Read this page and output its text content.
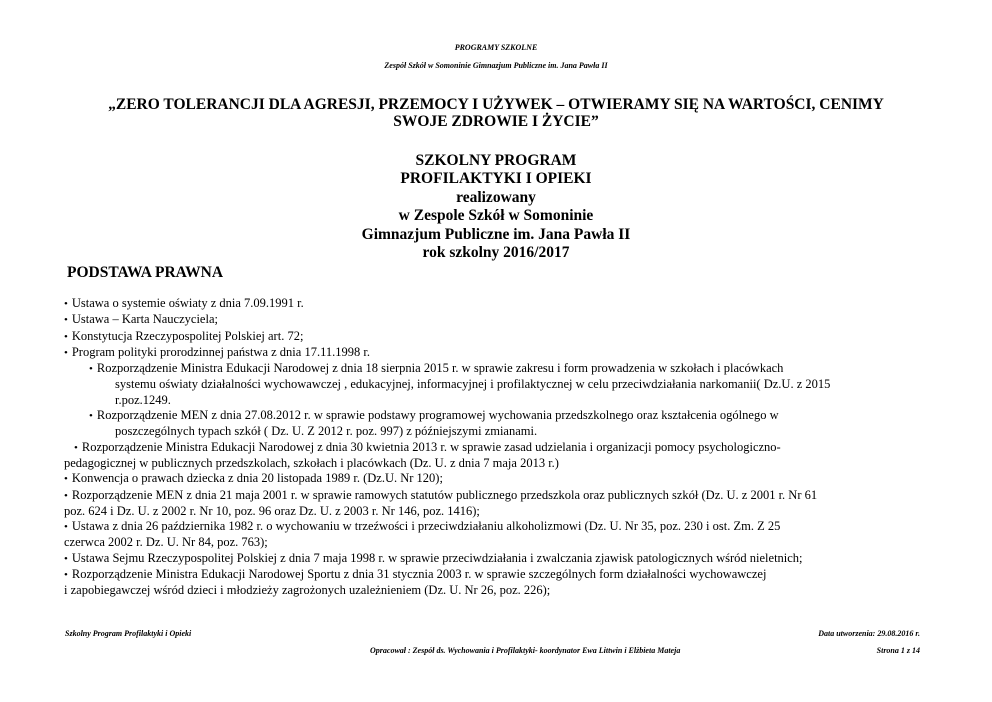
PROGRAMY SZKOLNE
Zespół Szkół w Somoninie Gimnazjum Publiczne im. Jana Pawła II
„ZERO TOLERANCJI DLA AGRESJI, PRZEMOCY I UŻYWEK – OTWIERAMY SIĘ NA WARTOŚCI, CENIMY
SWOJE ZDROWIE I ŻYCIE”
SZKOLNY PROGRAM
PROFILAKTYKI I OPIEKI
realizowany
w Zespole Szkół w Somoninie
Gimnazjum Publiczne im. Jana Pawła II
rok szkolny 2016/2017
PODSTAWA PRAWNA
• Ustawa o systemie oświaty z dnia 7.09.1991 r.
• Ustawa – Karta Nauczyciela;
• Konstytucja Rzeczypospolitej Polskiej art. 72;
• Program polityki prorodzinnej państwa z dnia 17.11.1998 r.
• Rozporządzenie Ministra Edukacji Narodowej z dnia 18 sierpnia 2015 r. w sprawie zakresu i form prowadzenia w szkołach i placówkach
systemu oświaty działalności wychowawczej , edukacyjnej, informacyjnej i profilaktycznej w celu przeciwdziałania narkomanii( Dz.U. z 2015
r.poz.1249.
• Rozporządzenie MEN z dnia 27.08.2012 r. w sprawie podstawy programowej wychowania przedszkolnego oraz kształcenia ogólnego w
poszczególnych typach szkół ( Dz. U. Z 2012 r. poz. 997) z późniejszymi zmianami.
• Rozporządzenie Ministra Edukacji Narodowej z dnia 30 kwietnia 2013 r. w sprawie zasad udzielania i organizacji pomocy psychologiczno-
pedagogicznej w publicznych przedszkolach, szkołach i placówkach (Dz. U. z dnia 7 maja 2013 r.)
• Konwencja o prawach dziecka z dnia 20 listopada 1989 r. (Dz.U. Nr 120);
• Rozporządzenie MEN z dnia 21 maja 2001 r. w sprawie ramowych statutów publicznego przedszkola oraz publicznych szkół (Dz. U. z 2001 r. Nr 61
poz. 624 i Dz. U. z 2002 r. Nr 10, poz. 96 oraz Dz. U. z 2003 r. Nr 146, poz. 1416);
• Ustawa z dnia 26 października 1982 r. o wychowaniu w trzeźwości i przeciwdziałaniu alkoholizmowi (Dz. U. Nr 35, poz. 230 i ost. Zm. Z 25
czerwca 2002 r. Dz. U. Nr 84, poz. 763);
• Ustawa Sejmu Rzeczypospolitej Polskiej z dnia 7 maja 1998 r. w sprawie przeciwdziałania i zwalczania zjawisk patologicznych wśród nieletnich;
• Rozporządzenie Ministra Edukacji Narodowej Sportu z dnia 31 stycznia 2003 r. w sprawie szczególnych form działalności wychowawczej
i zapobiegawczej wśród dzieci i młodzieży zagrożonych uzależnieniem (Dz. U. Nr 26, poz. 226);
Szkolny Program Profilaktyki i Opieki	Data utworzenia: 29.08.2016 r.
Opracował : Zespół ds. Wychowania i Profilaktyki- koordynator Ewa Littwin i Elżbieta Mateja	Strona 1 z 14
